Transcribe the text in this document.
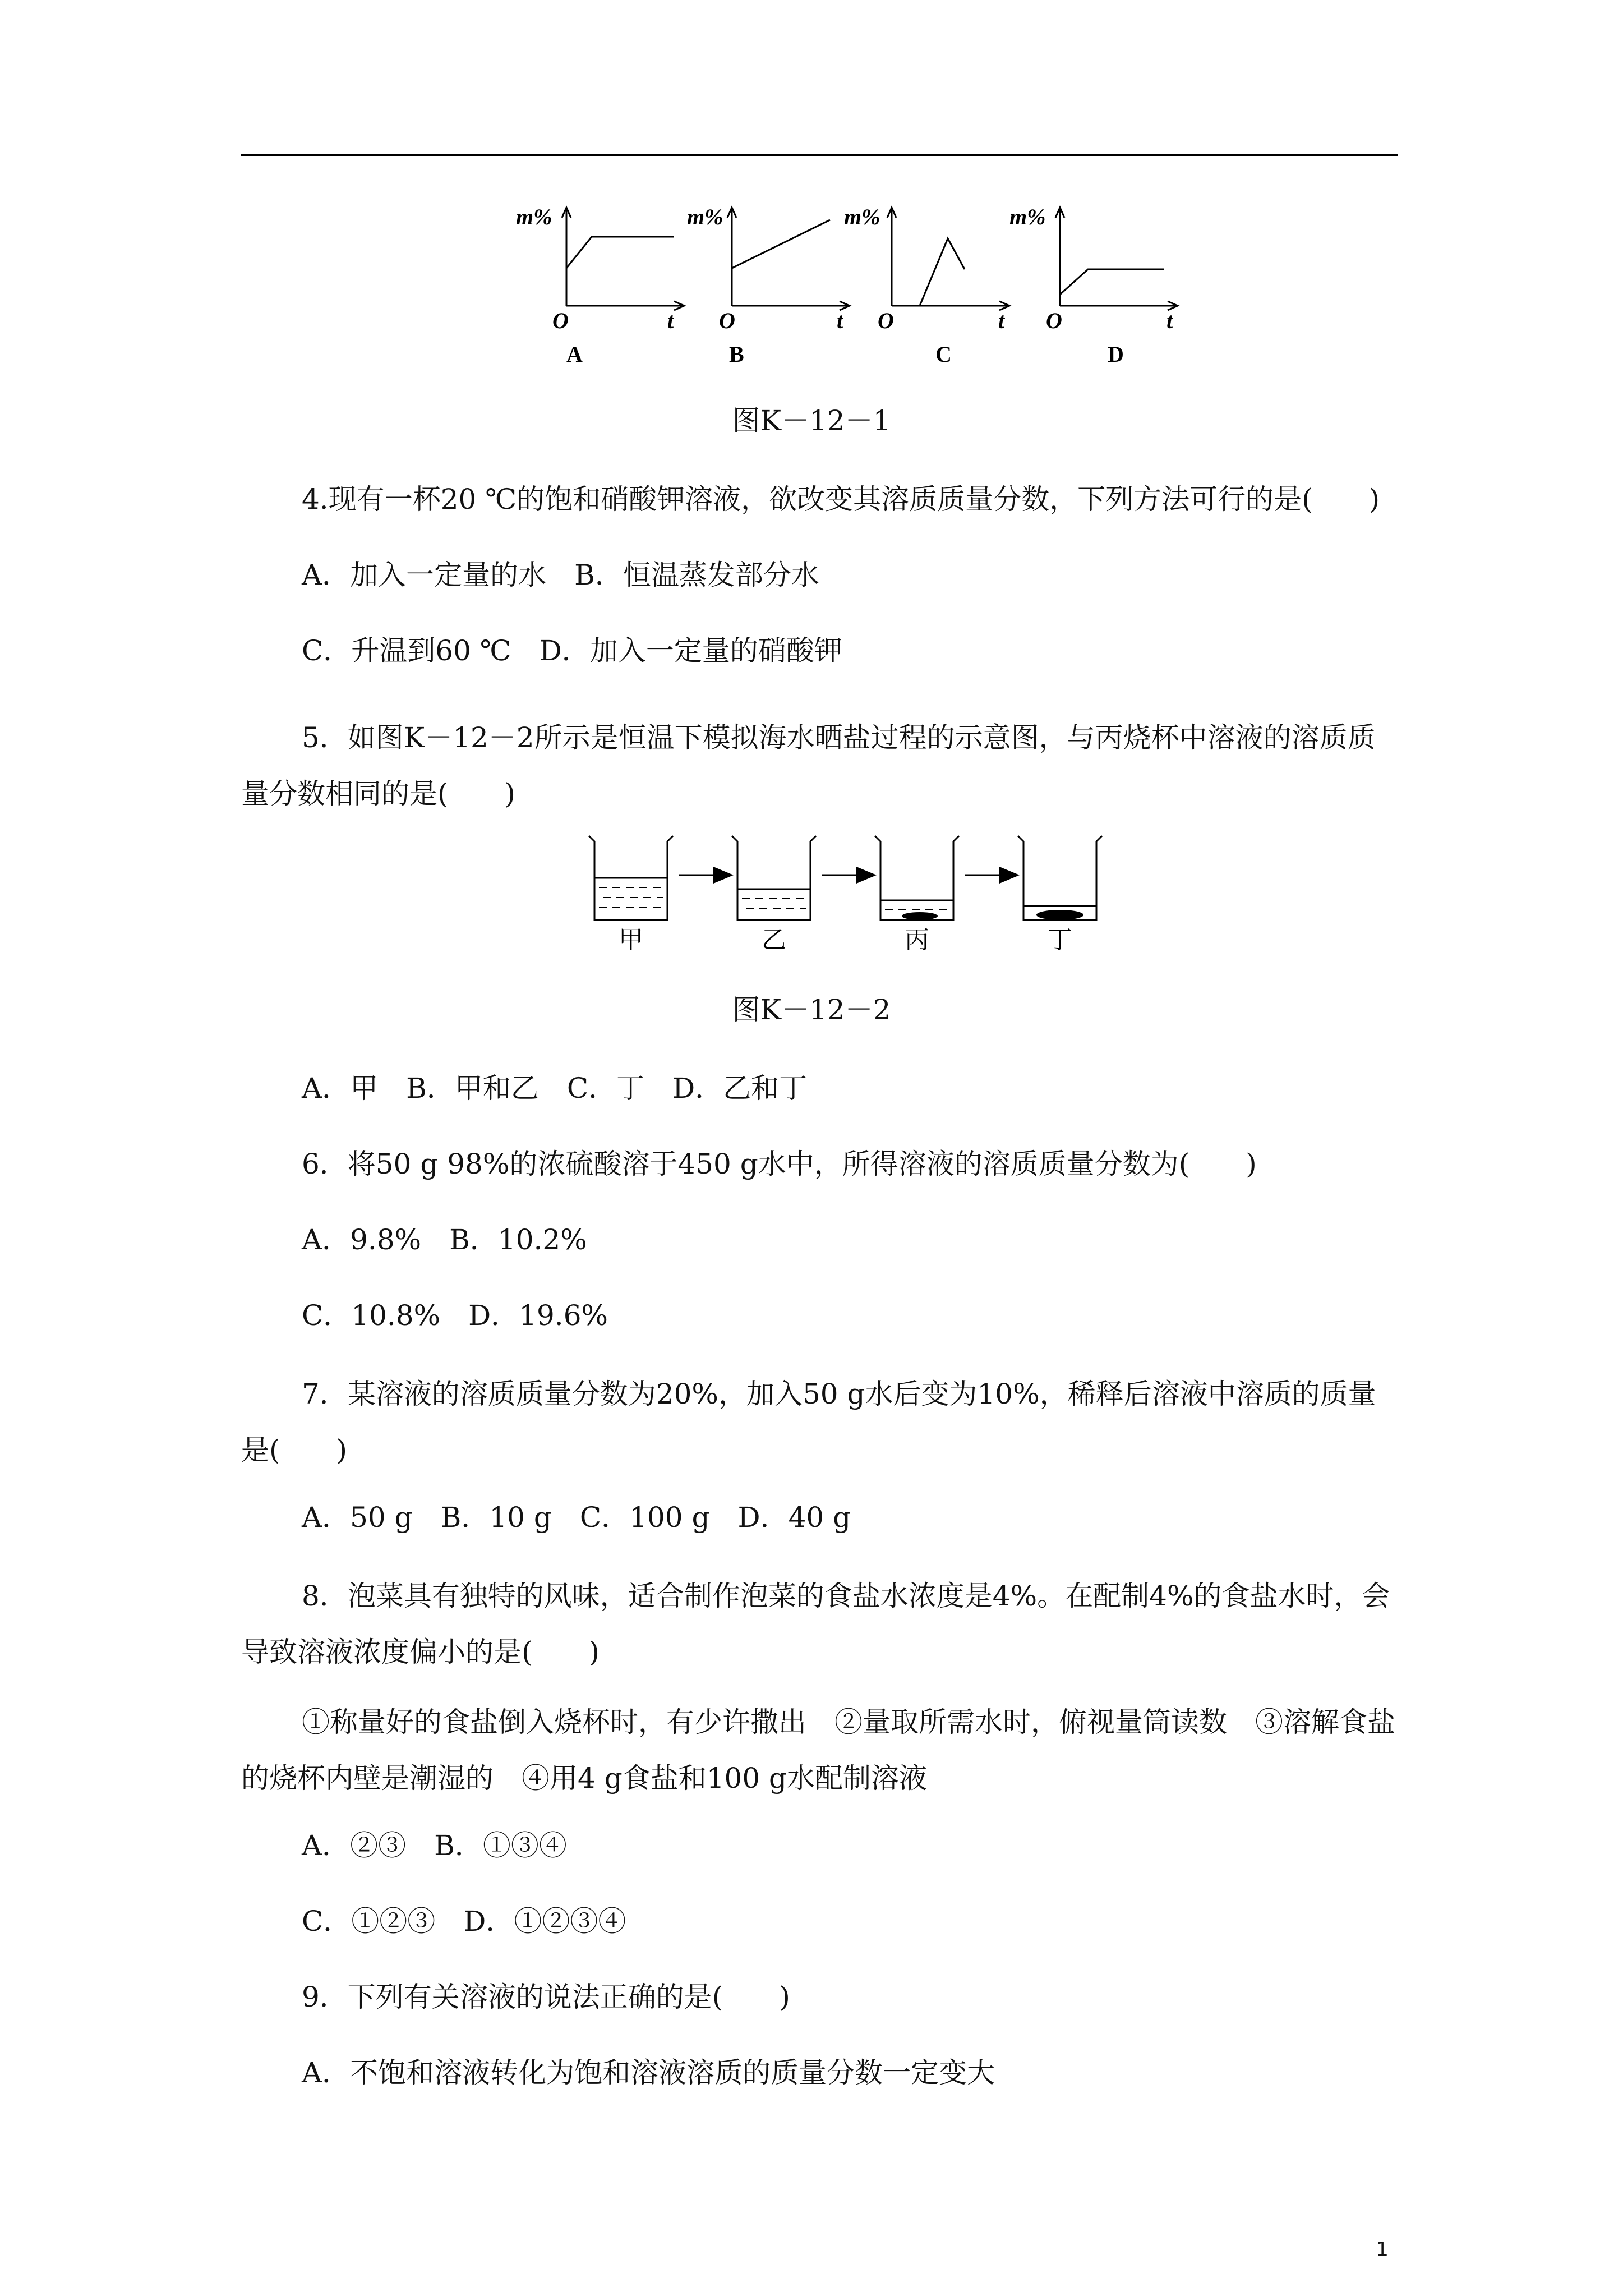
m%
O	t
A
m%
O	t
B
m%
O	t
C
m%
O	t
D
图K－12－1

4.现有一杯20 ℃的饱和硝酸钾溶液，欲改变其溶质质量分数，下列方法可行的是(　　)

A．加入一定量的水　B．恒温蒸发部分水

C．升温到60 ℃　D．加入一定量的硝酸钾

5．如图K－12－2所示是恒温下模拟海水晒盐过程的示意图，与丙烧杯中溶液的溶质质量分数相同的是(　　)

甲	乙	丙	丁
图K－12－2

A．甲　B．甲和乙　C．丁　D．乙和丁

6．将50 g 98%的浓硫酸溶于450 g水中，所得溶液的溶质质量分数为(　　)

A．9.8%　B．10.2%

C．10.8%　D．19.6%

7．某溶液的溶质质量分数为20%，加入50 g水后变为10%，稀释后溶液中溶质的质量是(　　)

A．50 g　B．10 g　C．100 g　D．40 g

8．泡菜具有独特的风味，适合制作泡菜的食盐水浓度是4%。在配制4%的食盐水时，会导致溶液浓度偏小的是(　　)

①称量好的食盐倒入烧杯时，有少许撒出　②量取所需水时，俯视量筒读数　③溶解食盐的烧杯内壁是潮湿的　④用4 g食盐和100 g水配制溶液

A．②③　B．①③④

C．①②③　D．①②③④

9．下列有关溶液的说法正确的是(　　)

A．不饱和溶液转化为饱和溶液溶质的质量分数一定变大

1
